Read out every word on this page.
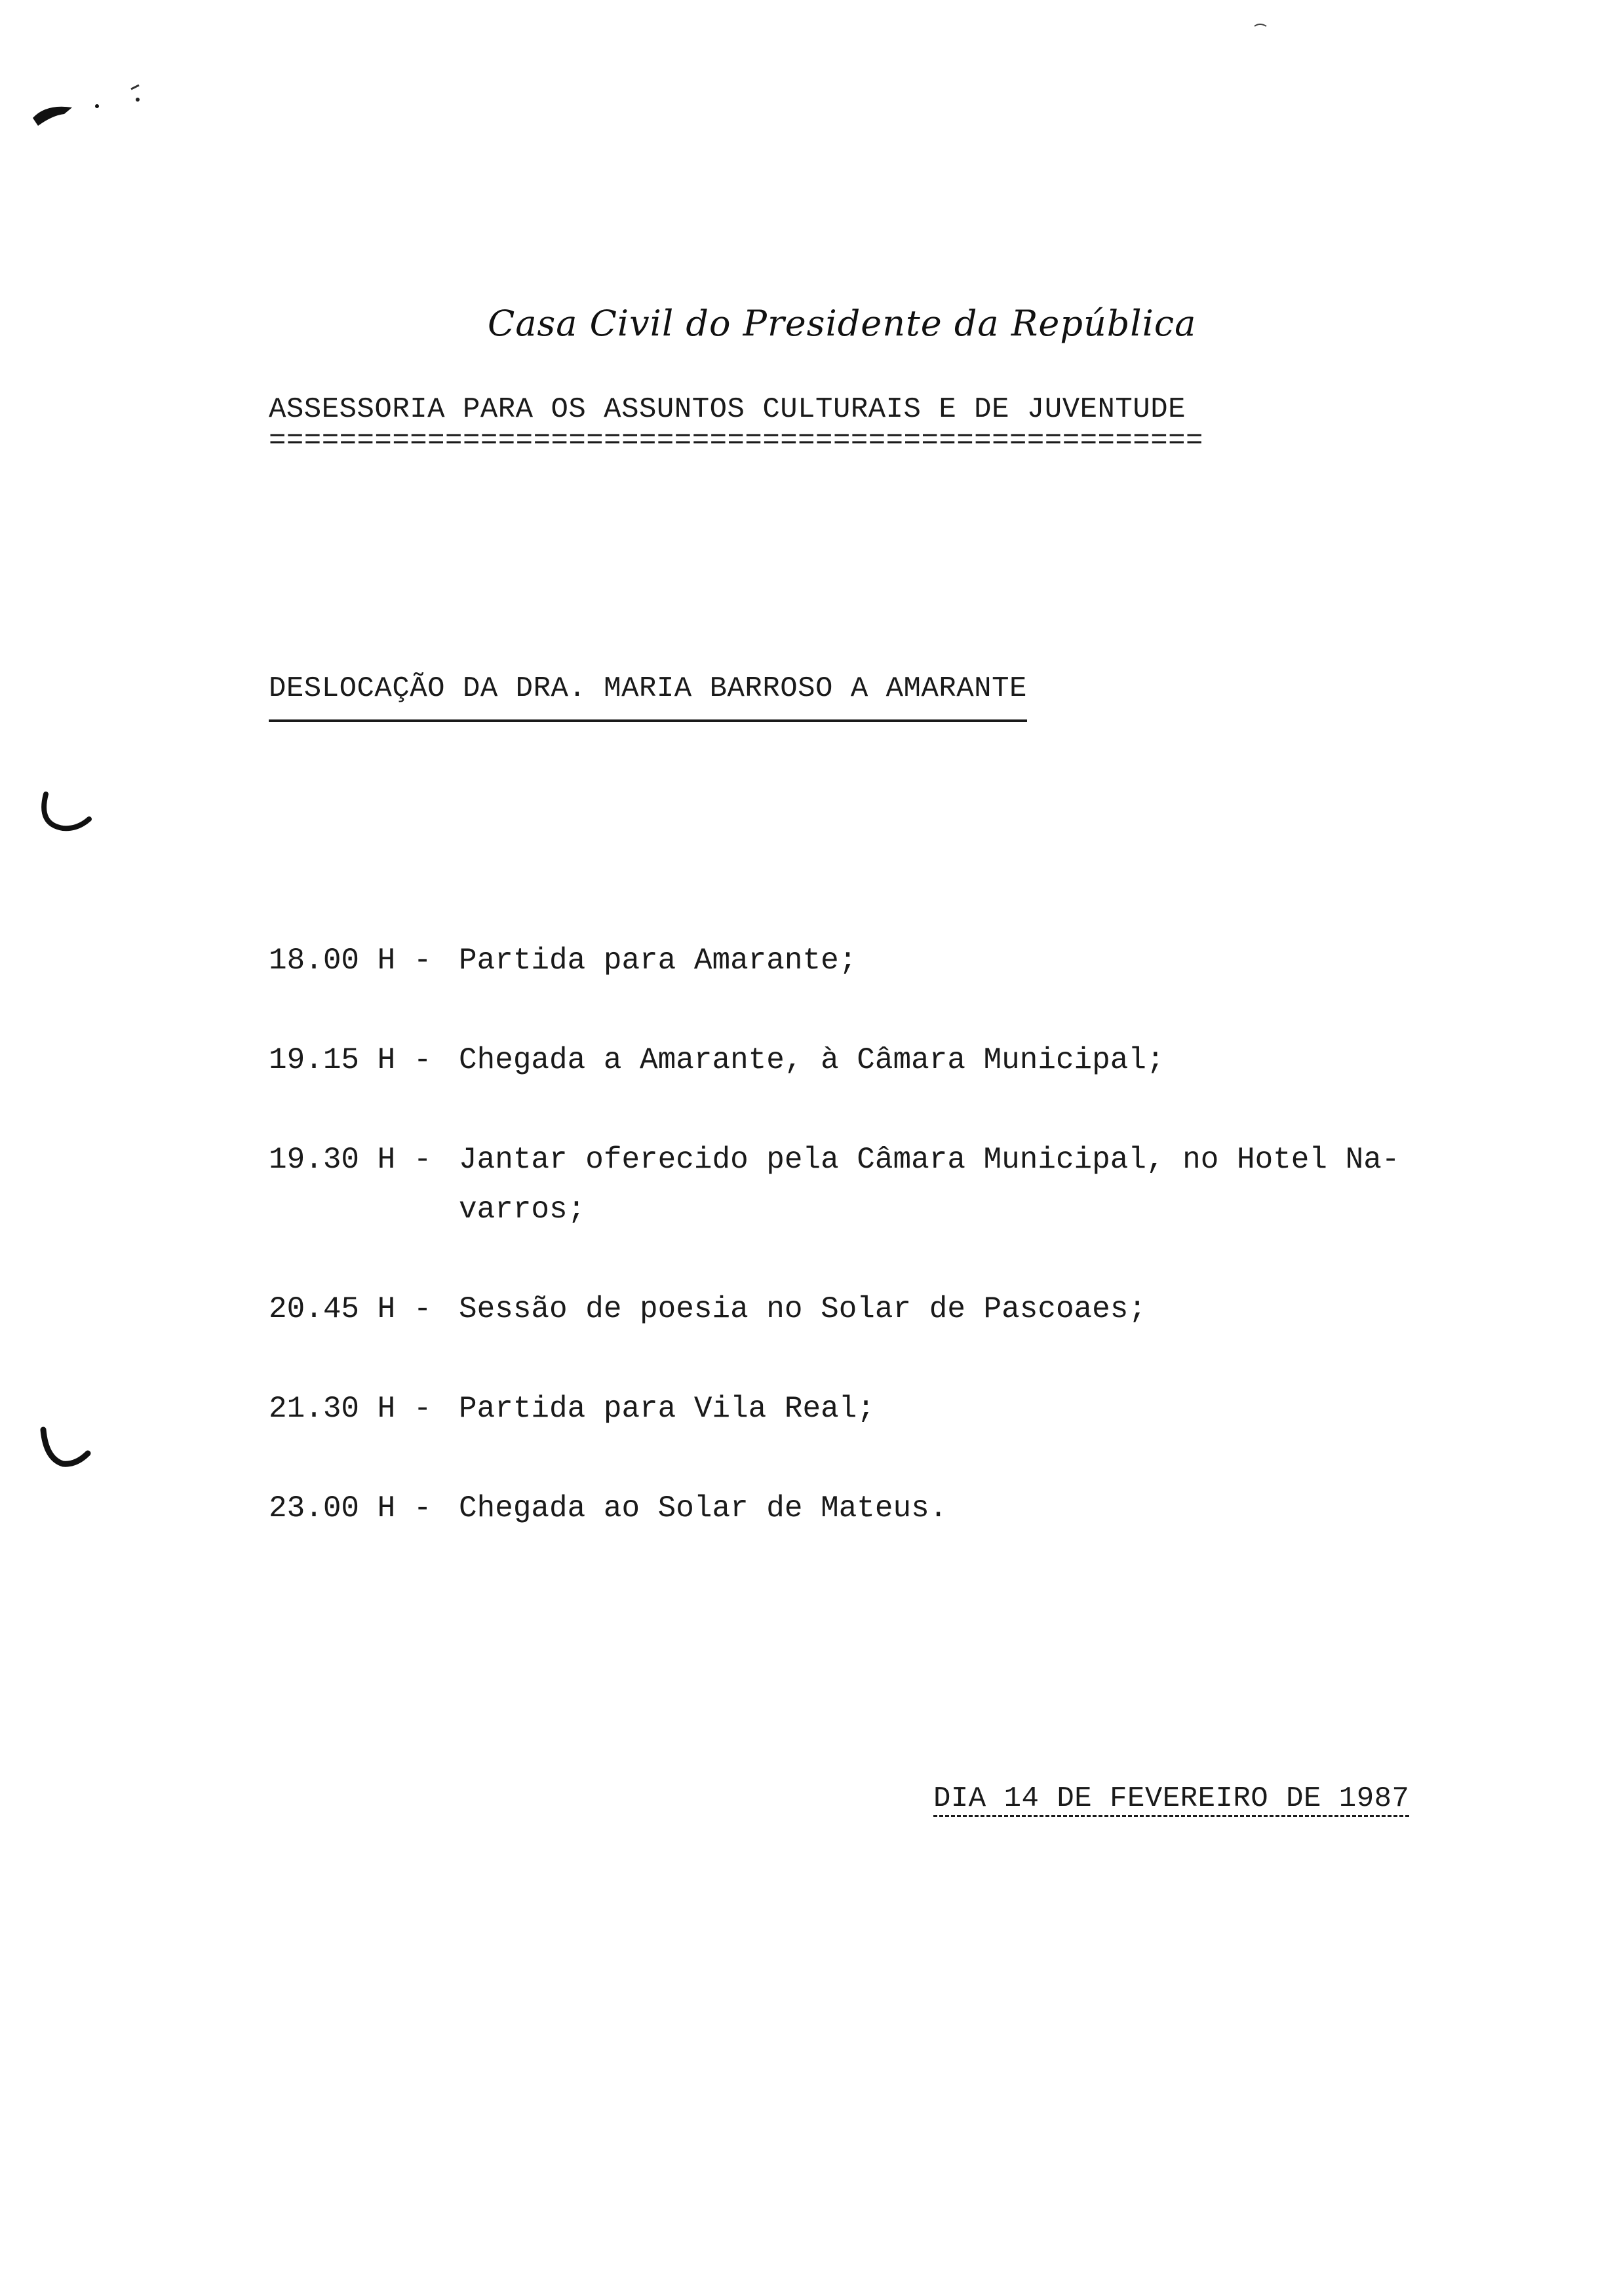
Casa Civil do Presidente da República
ASSESSORIA PARA OS ASSUNTOS CULTURAIS E DE JUVENTUDE
=====================================================
DESLOCAÇÃO DA DRA. MARIA BARROSO A AMARANTE
18.00 H - Partida para Amarante;
19.15 H - Chegada a Amarante, à Câmara Municipal;
19.30 H - Jantar oferecido pela Câmara Municipal, no Hotel Na-
varros;
20.45 H - Sessão de poesia no Solar de Pascoaes;
21.30 H - Partida para Vila Real;
23.00 H - Chegada ao Solar de Mateus.
DIA 14 DE FEVEREIRO DE 1987
